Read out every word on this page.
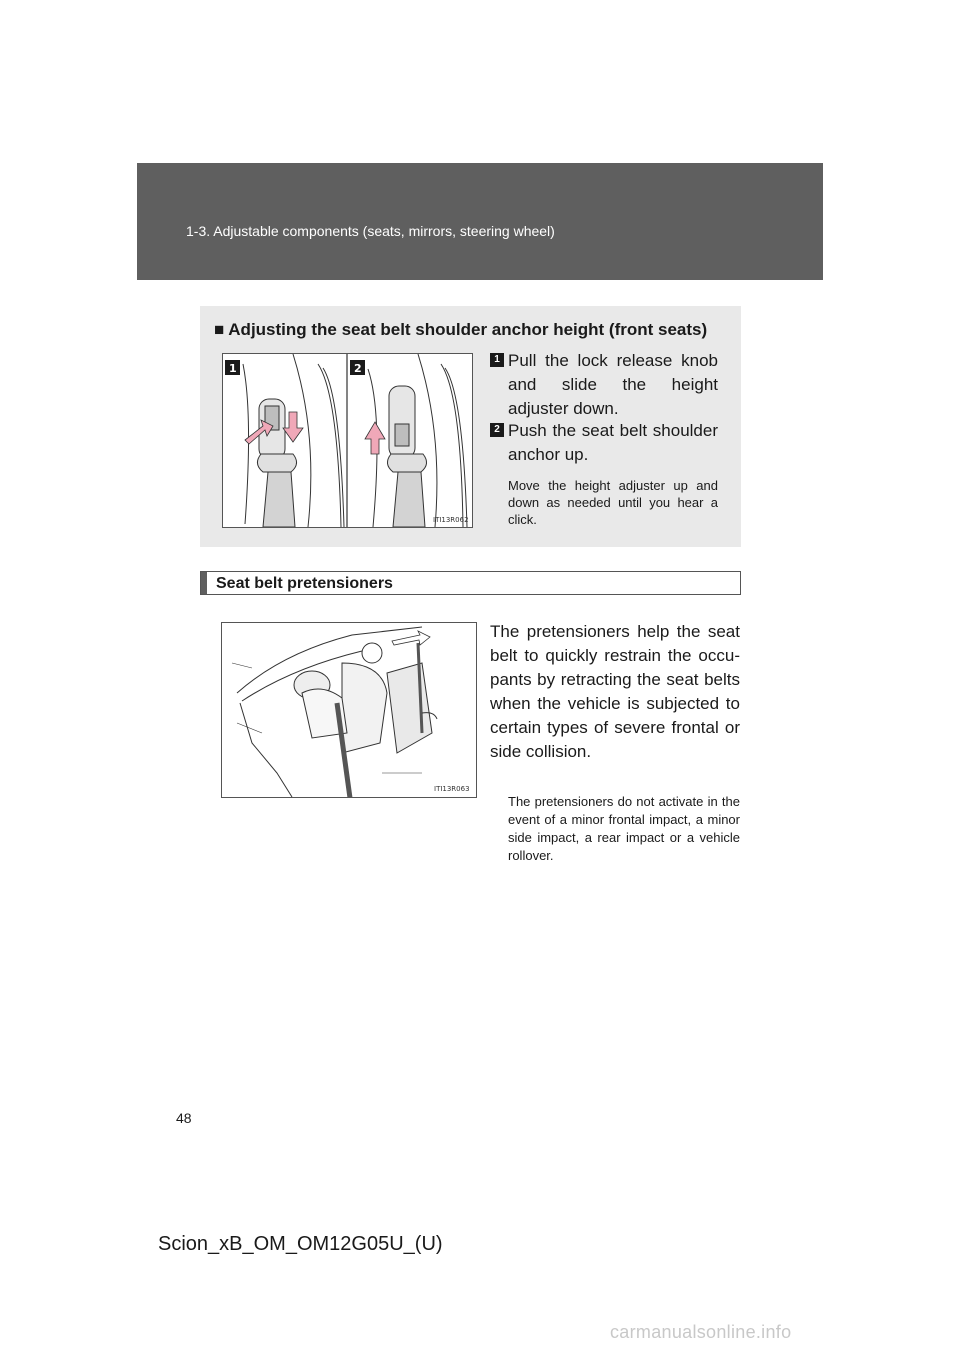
1-3. Adjustable components (seats, mirrors, steering wheel)
■ Adjusting the seat belt shoulder anchor height (front seats)
1	2
ITI13R062
1 Pull the lock release knob and slide the height adjuster down.
2 Push the seat belt shoulder anchor up.
Move the height adjuster up and down as needed until you hear a click.
Seat belt pretensioners
ITI13R063
The pretensioners help the seat belt to quickly restrain the occu-pants by retracting the seat belts when the vehicle is subjected to certain types of severe frontal or side collision.
The pretensioners do not activate in the event of a minor frontal impact, a minor side impact, a rear impact or a vehicle rollover.
48
Scion_xB_OM_OM12G05U_(U)
carmanualsonline.info
